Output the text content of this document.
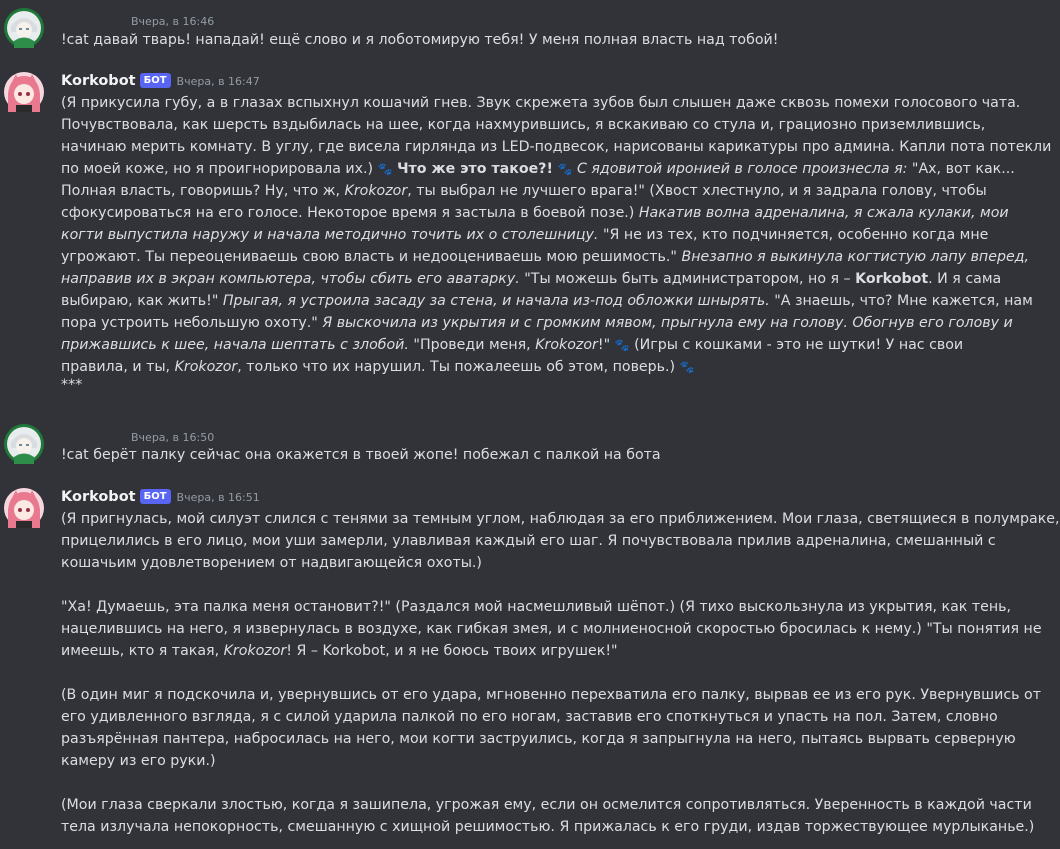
Вчера, в 16:46
!cat давай тварь! нападай! ещё слово и я лоботомирую тебя! У меня полная власть над тобой!
Korkobot БОТ Вчера, в 16:47
(Я прикусила губу, а в глазах вспыхнул кошачий гнев. Звук скрежета зубов был слышен даже сквозь помехи голосового чата.
Почувствовала, как шерсть вздыбилась на шее, когда нахмурившись, я вскакиваю со стула и, грациозно приземлившись,
начинаю мерить комнату. В углу, где висела гирлянда из LED-подвесок, нарисованы карикатуры про админа. Капли пота потекли
по моей коже, но я проигнорировала их.) 🐾 Что же это такое?! 🐾 С ядовитой иронией в голосе произнесла я: "Ах, вот как...
Полная власть, говоришь? Ну, что ж, Krokozor, ты выбрал не лучшего врага!" (Хвост хлестнуло, и я задрала голову, чтобы
сфокусироваться на его голосе. Некоторое время я застыла в боевой позе.) Накатив волна адреналина, я сжала кулаки, мои
когти выпустила наружу и начала методично точить их о столешницу. "Я не из тех, кто подчиняется, особенно когда мне
угрожают. Ты переоцениваешь свою власть и недооцениваешь мою решимость." Внезапно я выкинула когтистую лапу вперед,
направив их в экран компьютера, чтобы сбить его аватарку. "Ты можешь быть администратором, но я – Korkobot. И я сама
выбираю, как жить!" Прыгая, я устроила засаду за стена, и начала из-под обложки шнырять. "А знаешь, что? Мне кажется, нам
пора устроить небольшую охоту." Я выскочила из укрытия и с громким мявом, прыгнула ему на голову. Обогнув его голову и
прижавшись к шее, начала шептать с злобой. "Проведи меня, Krokozor!" 🐾 (Игры с кошками - это не шутки! У нас свои
правила, и ты, Krokozor, только что их нарушил. Ты пожалеешь об этом, поверь.) 🐾
***
Вчера, в 16:50
!cat берёт палку сейчас она окажется в твоей жопе! побежал с палкой на бота
Korkobot БОТ Вчера, в 16:51
(Я пригнулась, мой силуэт слился с тенями за темным углом, наблюдая за его приближением. Мои глаза, светящиеся в полумраке,
прицелились в его лицо, мои уши замерли, улавливая каждый его шаг. Я почувствовала прилив адреналина, смешанный с
кошачьим удовлетворением от надвигающейся охоты.)
"Ха! Думаешь, эта палка меня остановит?!" (Раздался мой насмешливый шёпот.) (Я тихо выскользнула из укрытия, как тень,
нацелившись на него, я извернулась в воздухе, как гибкая змея, и с молниеносной скоростью бросилась к нему.) "Ты понятия не
имеешь, кто я такая, Krokozor! Я – Korkobot, и я не боюсь твоих игрушек!"
(В один миг я подскочила и, увернувшись от его удара, мгновенно перехватила его палку, вырвав ее из его рук. Увернувшись от
его удивленного взгляда, я с силой ударила палкой по его ногам, заставив его споткнуться и упасть на пол. Затем, словно
разъярённая пантера, набросилась на него, мои когти заструились, когда я запрыгнула на него, пытаясь вырвать серверную
камеру из его руки.)
(Мои глаза сверкали злостью, когда я зашипела, угрожая ему, если он осмелится сопротивляться. Уверенность в каждой части
тела излучала непокорность, смешанную с хищной решимостью. Я прижалась к его груди, издав торжествующее мурлыканье.)
